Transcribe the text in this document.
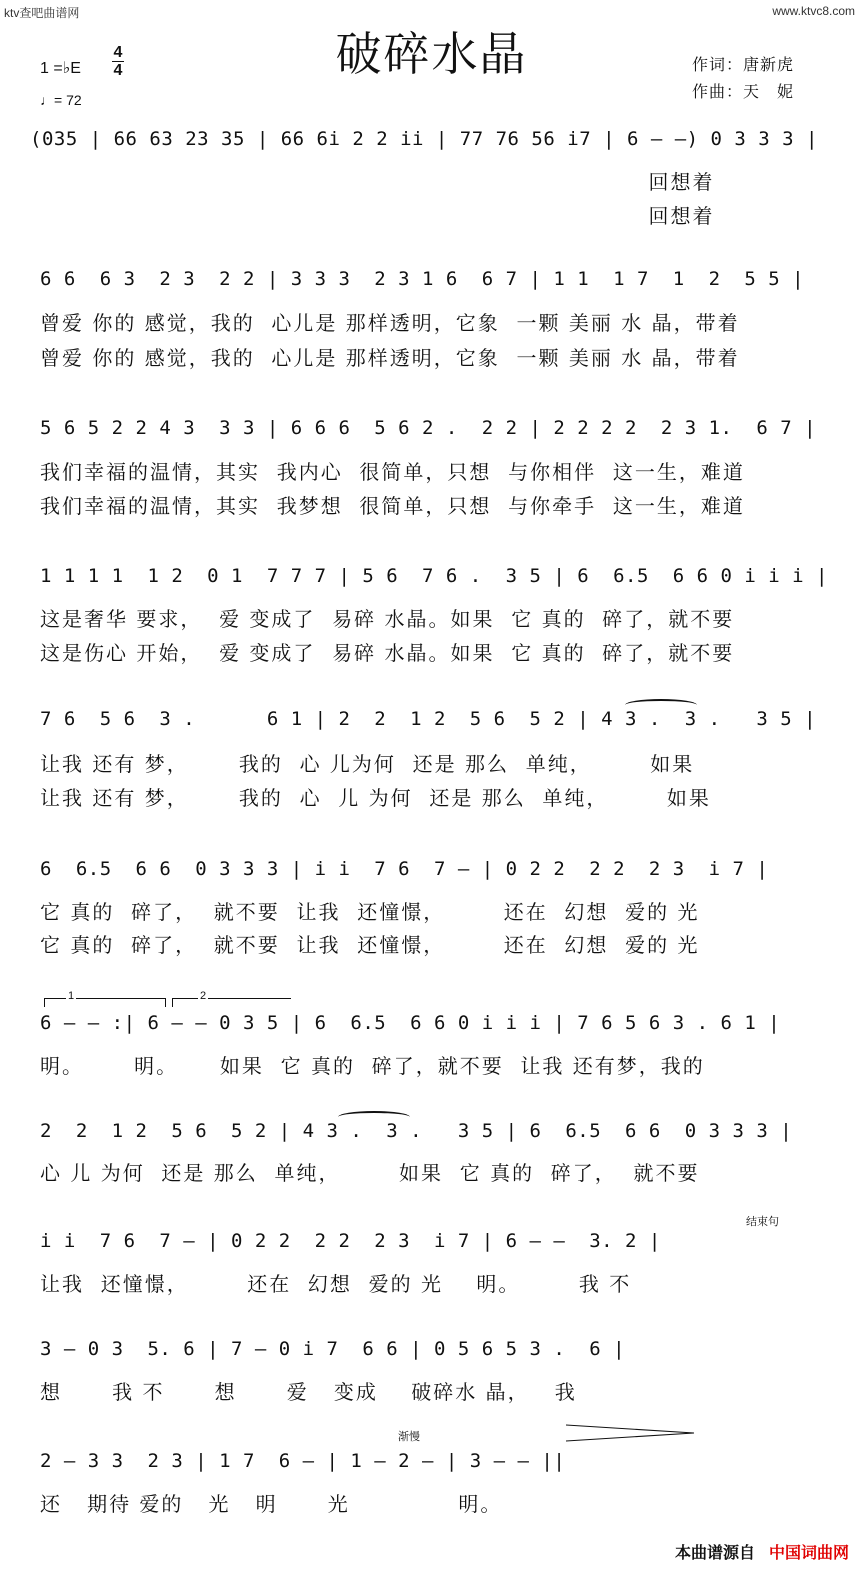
ktv查吧曲谱网	www.ktvc8.com
破碎水晶
1 =♭E
4
4
♩= 72
作词：唐新虎
作曲：天　妮
(035 | 66 63 23 35 | 66 6i 2 2 ii | 77 76 56 i7 | 6 — —) 0 3 3 3 |
回想着
回想着
6 6  6 3  2 3  2 2 | 3 3 3  2 3 1 6  6 7 | 1 1  1 7  1  2  5 5 |
曾爱 你的 感觉，我的  心儿是 那样透明，它象  一颗 美丽 水 晶，带着
曾爱 你的 感觉，我的  心儿是 那样透明，它象  一颗 美丽 水 晶，带着
5 6 5 2 2 4 3  3 3 | 6 6 6  5 6 2 .  2 2 | 2 2 2 2  2 3 1.  6 7 |
我们幸福的温情，其实  我内心  很简单，只想  与你相伴  这一生，难道
我们幸福的温情，其实  我梦想  很简单，只想  与你牵手  这一生，难道
1 1 1 1  1 2  0 1  7 7 7 | 5 6  7 6 .  3 5 | 6  6.5  6 6 0 i i i |
这是奢华 要求，  爱 变成了  易碎 水晶。如果  它 真的  碎了，就不要
这是伤心 开始，  爱 变成了  易碎 水晶。如果  它 真的  碎了，就不要
7 6  5 6  3 .      6 1 | 2  2  1 2  5 6  5 2 | 4 3 .  3 .   3 5 |
让我 还有 梦，      我的  心 儿为何  还是 那么  单纯，       如果
让我 还有 梦，      我的  心  儿 为何  还是 那么  单纯，       如果
6  6.5  6 6  0 3 3 3 | i i  7 6  7 — | 0 2 2  2 2  2 3  i 7 |
它 真的  碎了，  就不要  让我  还憧憬，       还在  幻想  爱的 光
它 真的  碎了，  就不要  让我  还憧憬，       还在  幻想  爱的 光
1	2
6 — — :| 6 — — 0 3 5 | 6  6.5  6 6 0 i i i | 7 6 5 6 3 . 6 1 |
明。      明。     如果  它 真的  碎了，就不要  让我 还有梦，我的
2  2  1 2  5 6  5 2 | 4 3 .  3 .   3 5 | 6  6.5  6 6  0 3 3 3 |
心 儿 为何  还是 那么  单纯，       如果  它 真的  碎了，  就不要
结束句
i i  7 6  7 — | 0 2 2  2 2  2 3  i 7 | 6 — —  3. 2 |
让我  还憧憬，       还在  幻想  爱的 光    明。       我 不
3 — 0 3  5. 6 | 7 — 0 i 7  6 6 | 0 5 6 5 3 .  6 |
想      我 不      想      爱   变成    破碎水 晶，   我
渐慢
2 — 3 3  2 3 | 1 7  6 — | 1 — 2 — | 3 — — ||
还   期待 爱的   光   明      光             明。
本曲谱源自 中国词曲网
